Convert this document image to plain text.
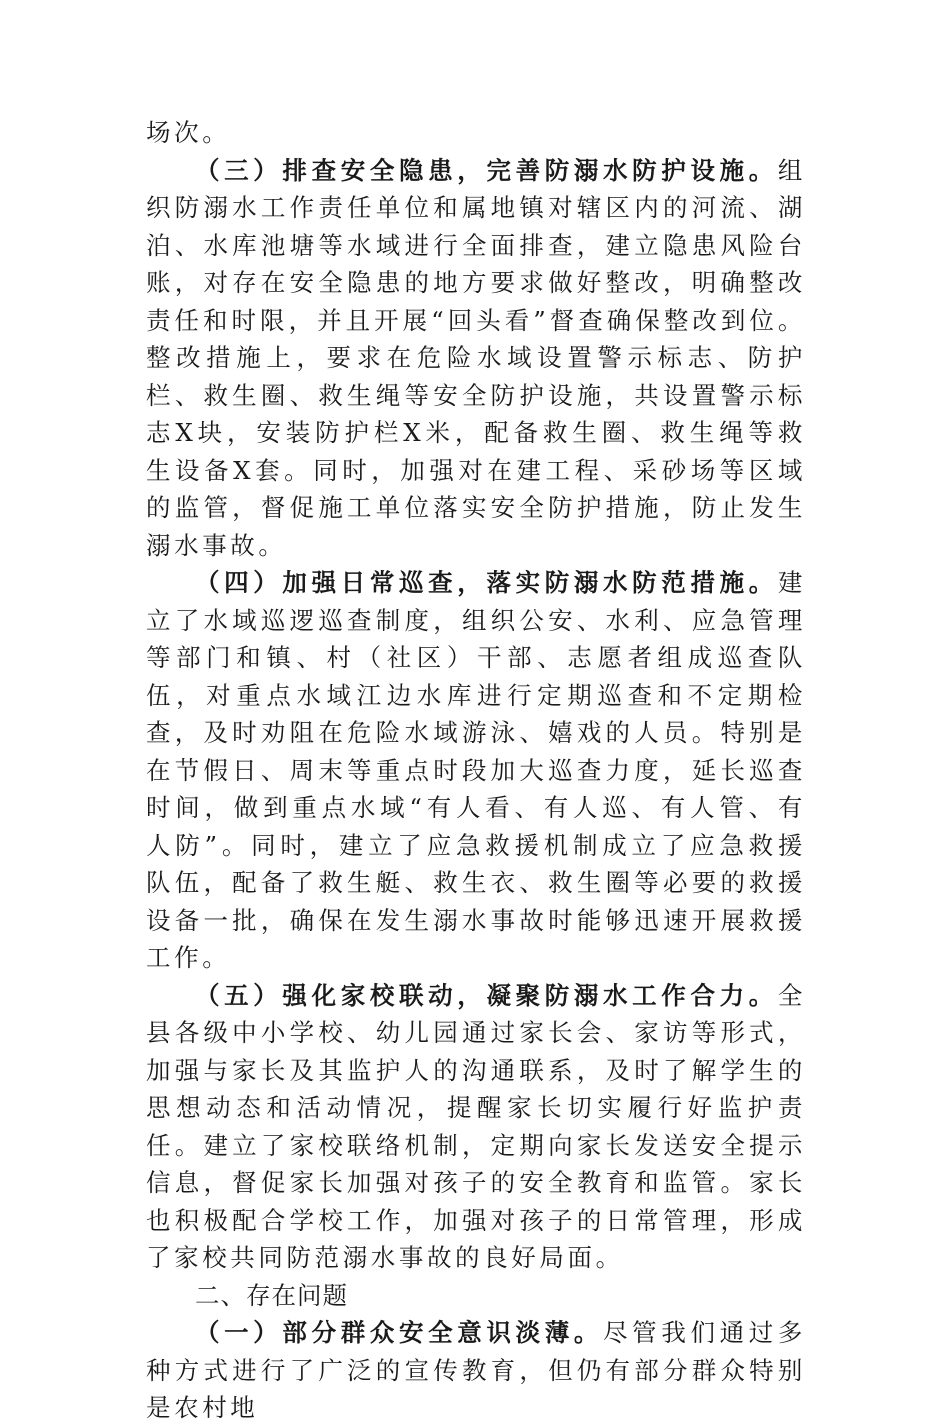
场次。

（三）排查安全隐患，完善防溺水防护设施。组织防溺水工作责任单位和属地镇对辖区内的河流、湖泊、水库池塘等水域进行全面排查，建立隐患风险台账，对存在安全隐患的地方要求做好整改，明确整改责任和时限，并且开展“回头看”督查确保整改到位。整改措施上，要求在危险水域设置警示标志、防护栏、救生圈、救生绳等安全防护设施，共设置警示标志X块，安装防护栏X米，配备救生圈、救生绳等救生设备X套。同时，加强对在建工程、采砂场等区域的监管，督促施工单位落实安全防护措施，防止发生溺水事故。

（四）加强日常巡查，落实防溺水防范措施。建立了水域巡逻巡查制度，组织公安、水利、应急管理等部门和镇、村（社区）干部、志愿者组成巡查队伍，对重点水域江边水库进行定期巡查和不定期检查，及时劝阻在危险水域游泳、嬉戏的人员。特别是在节假日、周末等重点时段加大巡查力度，延长巡查时间，做到重点水域“有人看、有人巡、有人管、有人防”。同时，建立了应急救援机制成立了应急救援队伍，配备了救生艇、救生衣、救生圈等必要的救援设备一批，确保在发生溺水事故时能够迅速开展救援工作。

（五）强化家校联动，凝聚防溺水工作合力。全县各级中小学校、幼儿园通过家长会、家访等形式，加强与家长及其监护人的沟通联系，及时了解学生的思想动态和活动情况，提醒家长切实履行好监护责任。建立了家校联络机制，定期向家长发送安全提示信息，督促家长加强对孩子的安全教育和监管。家长也积极配合学校工作，加强对孩子的日常管理，形成了家校共同防范溺水事故的良好局面。

二、存在问题

（一）部分群众安全意识淡薄。尽管我们通过多种方式进行了广泛的宣传教育，但仍有部分群众特别是农村地
